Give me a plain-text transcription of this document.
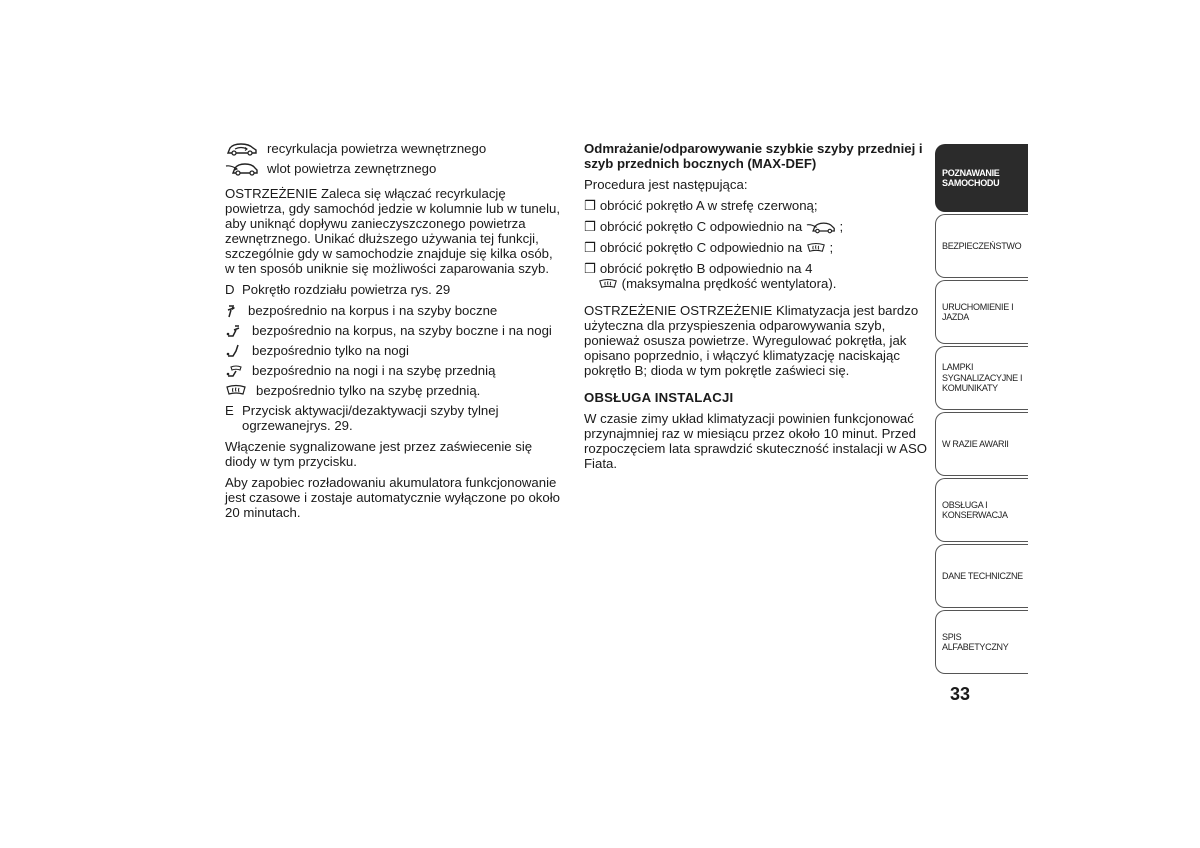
recyrkulacja powietrza wewnętrznego
wlot powietrza zewnętrznego

OSTRZEŻENIE Zaleca się włączać recyrkulację powietrza, gdy samochód jedzie w kolumnie lub w tunelu, aby uniknąć dopływu zanieczyszczonego powietrza zewnętrznego. Unikać dłuższego używania tej funkcji, szczególnie gdy w samochodzie znajduje się kilka osób, w ten sposób uniknie się możliwości zaparowania szyb.

D Pokrętło rozdziału powietrza rys. 29
bezpośrednio na korpus i na szyby boczne
bezpośrednio na korpus, na szyby boczne i na nogi
bezpośrednio tylko na nogi
bezpośrednio na nogi i na szybę przednią
bezpośrednio tylko na szybę przednią.
E Przycisk aktywacji/dezaktywacji szyby tylnej ogrzewanejrys. 29.

Włączenie sygnalizowane jest przez zaświecenie się diody w tym przycisku.

Aby zapobiec rozładowaniu akumulatora funkcjonowanie jest czasowe i zostaje automatycznie wyłączone po około 20 minutach.

Odmrażanie/odparowywanie szybkie szyby przedniej i szyb przednich bocznych (MAX-DEF)

Procedura jest następująca:

❒ obrócić pokrętło A w strefę czerwoną;
❒ obrócić pokrętło C odpowiednio na	;
❒ obrócić pokrętło C odpowiednio na ;
❒ obrócić pokrętło B odpowiednio na 4
(maksymalna prędkość wentylatora).

OSTRZEŻENIE OSTRZEŻENIE Klimatyzacja jest bardzo użyteczna dla przyspieszenia odparowywania szyb, ponieważ osusza powietrze. Wyregulować pokrętła, jak opisano poprzednio, i włączyć klimatyzację naciskając pokrętło B; dioda w tym pokrętle zaświeci się.

OBSŁUGA INSTALACJI

W czasie zimy układ klimatyzacji powinien funkcjonować przynajmniej raz w miesiącu przez około 10 minut. Przed rozpoczęciem lata sprawdzić skuteczność instalacji w ASO Fiata.

POZNAWANIE
SAMOCHODU
BEZPIECZEŃSTWO
URUCHOMIENIE I
JAZDA
LAMPKI
SYGNALIZACYJNE I
KOMUNIKATY
W RAZIE AWARII
OBSŁUGA I
KONSERWACJA
DANE TECHNICZNE
SPIS ALFABETYCZNY
33
